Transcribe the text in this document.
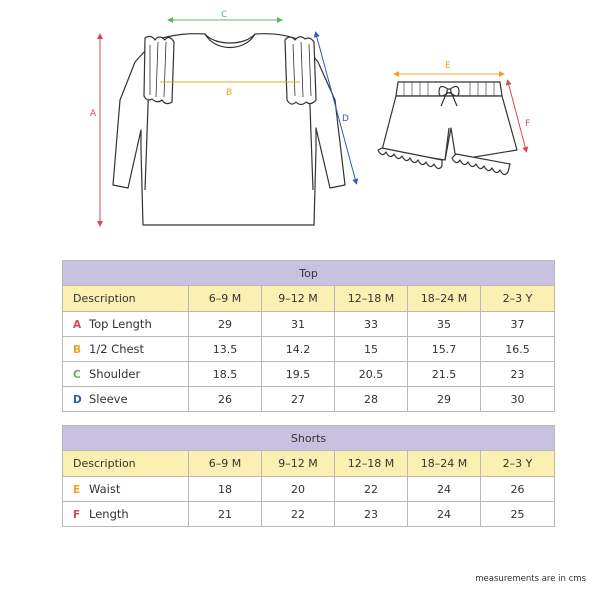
A
C
B
D
E
F
Top					
Description	6–9 M	9–12 M	12–18 M	18–24 M	2–3 Y
A Top Length	29	31	33	35	37
B 1/2 Chest	13.5	14.2	15	15.7	16.5
C Shoulder	18.5	19.5	20.5	21.5	23
D Sleeve	26	27	28	29	30
Shorts					
Description	6–9 M	9–12 M	12–18 M	18–24 M	2–3 Y
E Waist	18	20	22	24	26
F Length	21	22	23	24	25
measurements are in cms
